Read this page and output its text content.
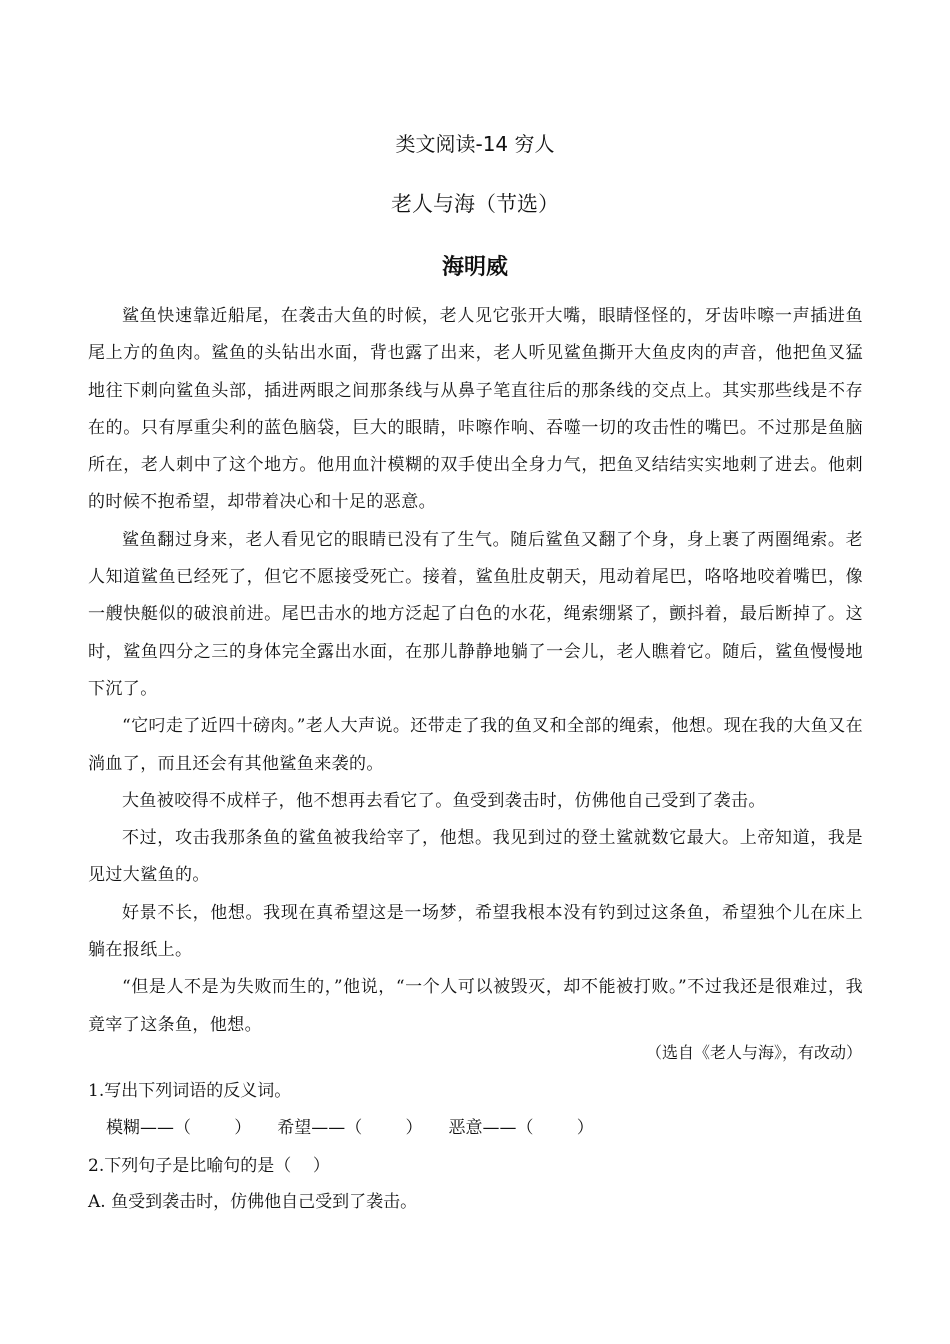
类文阅读-14 穷人
老人与海（节选）
海明威

鲨鱼快速靠近船尾，在袭击大鱼的时候，老人见它张开大嘴，眼睛怪怪的，牙齿咔嚓一声插进鱼尾上方的鱼肉。鲨鱼的头钻出水面，背也露了出来，老人听见鲨鱼撕开大鱼皮肉的声音，他把鱼叉猛地往下刺向鲨鱼头部，插进两眼之间那条线与从鼻子笔直往后的那条线的交点上。其实那些线是不存在的。只有厚重尖利的蓝色脑袋，巨大的眼睛，咔嚓作响、吞噬一切的攻击性的嘴巴。不过那是鱼脑所在，老人刺中了这个地方。他用血汁模糊的双手使出全身力气，把鱼叉结结实实地刺了进去。他刺的时候不抱希望，却带着决心和十足的恶意。

鲨鱼翻过身来，老人看见它的眼睛已没有了生气。随后鲨鱼又翻了个身，身上裹了两圈绳索。老人知道鲨鱼已经死了，但它不愿接受死亡。接着，鲨鱼肚皮朝天，甩动着尾巴，咯咯地咬着嘴巴，像一艘快艇似的破浪前进。尾巴击水的地方泛起了白色的水花，绳索绷紧了，颤抖着，最后断掉了。这时，鲨鱼四分之三的身体完全露出水面，在那儿静静地躺了一会儿，老人瞧着它。随后，鲨鱼慢慢地下沉了。

“它叼走了近四十磅肉。”老人大声说。还带走了我的鱼叉和全部的绳索，他想。现在我的大鱼又在淌血了，而且还会有其他鲨鱼来袭的。

大鱼被咬得不成样子，他不想再去看它了。鱼受到袭击时，仿佛他自己受到了袭击。

不过，攻击我那条鱼的鲨鱼被我给宰了，他想。我见到过的登土鲨就数它最大。上帝知道，我是见过大鲨鱼的。

好景不长，他想。我现在真希望这是一场梦，希望我根本没有钓到过这条鱼，希望独个儿在床上躺在报纸上。

“但是人不是为失败而生的，”他说，“一个人可以被毁灭，却不能被打败。”不过我还是很难过，我竟宰了这条鱼，他想。

（选自《老人与海》，有改动）
1.写出下列词语的反义词。
模糊——（        ） 希望——（        ） 恶意——（        ）
2.下列句子是比喻句的是（    ）
A. 鱼受到袭击时，仿佛他自己受到了袭击。
